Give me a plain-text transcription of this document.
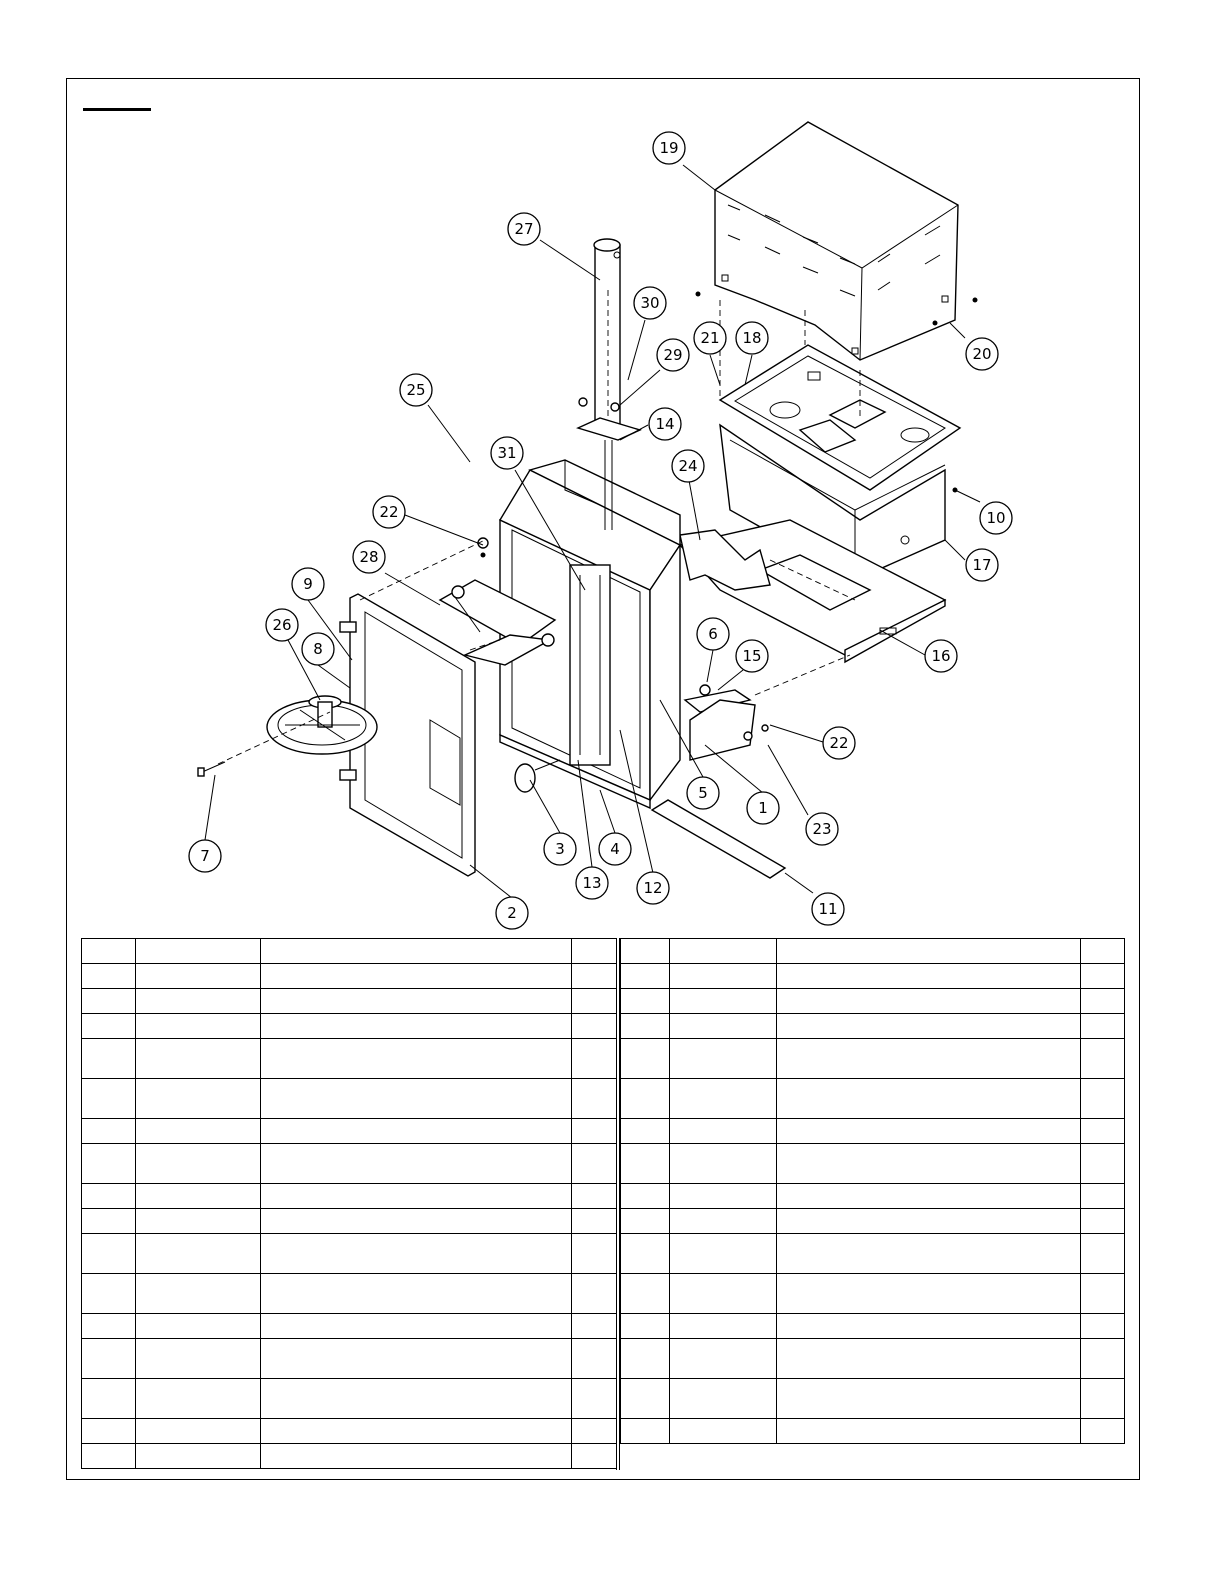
1
2
3	4
5
6
7
8
9
10
11
12
13
14
15	16
17
18
19
20
21
22
22
23
24
25
26
27
28
29
30
31
